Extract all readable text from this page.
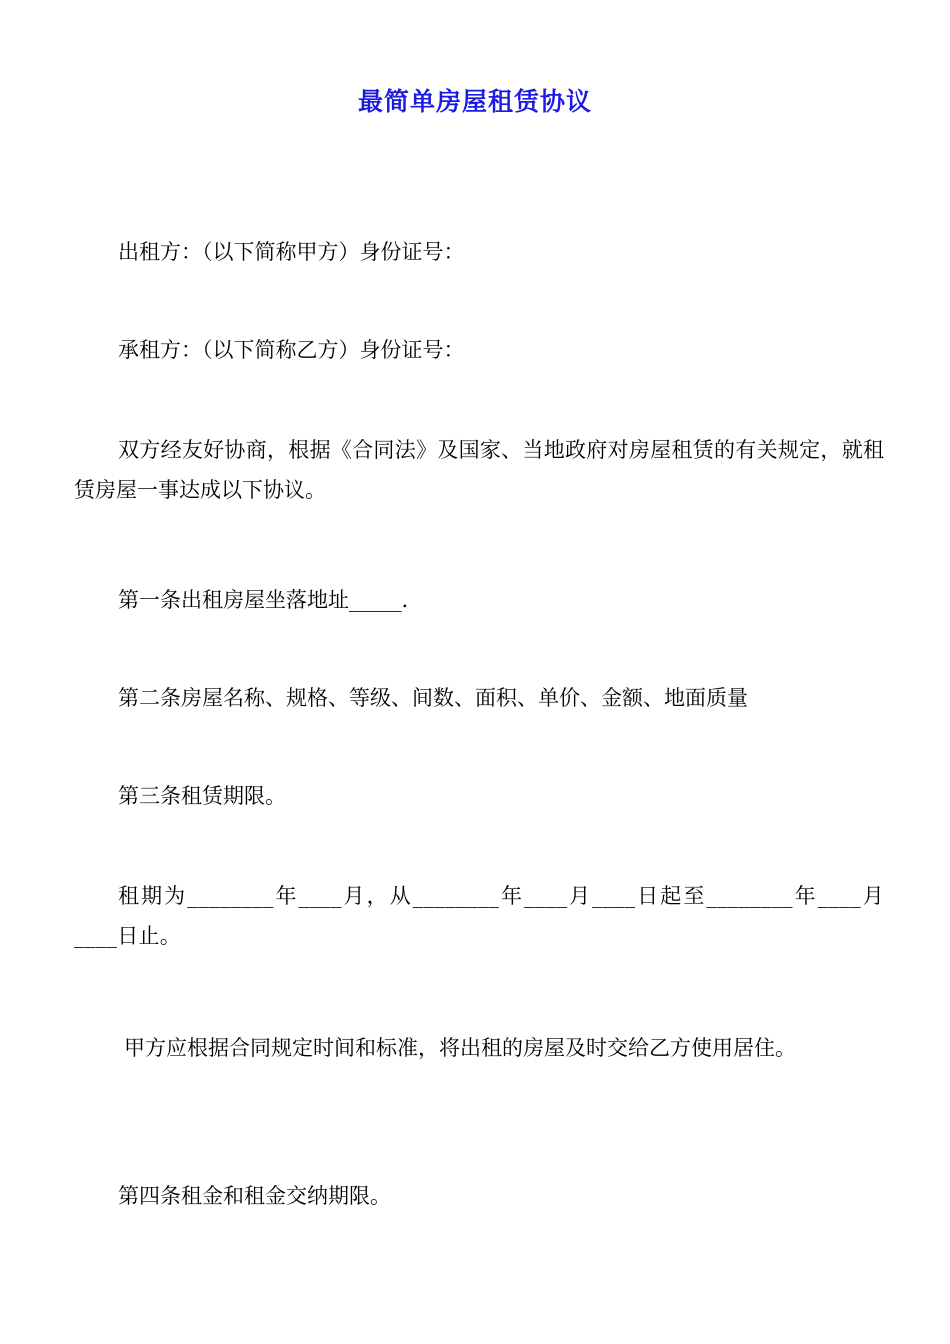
最简单房屋租赁协议
出租方：（以下简称甲方）身份证号：
承租方：（以下简称乙方）身份证号：
双方经友好协商，根据《合同法》及国家、当地政府对房屋租赁的有关规定，就租赁房屋一事达成以下协议。
第一条出租房屋坐落地址_____.
第二条房屋名称、规格、等级、间数、面积、单价、金额、地面质量
第三条租赁期限。
租期为________年____月，从________年____月____日起至________年____月____日止。
甲方应根据合同规定时间和标准，将出租的房屋及时交给乙方使用居住。
第四条租金和租金交纳期限。
